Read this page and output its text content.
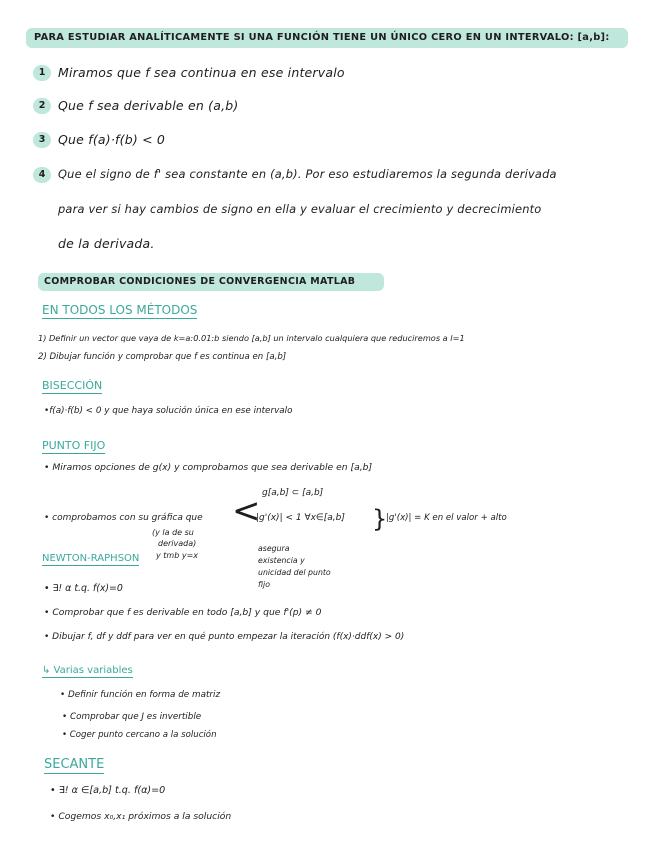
PARA ESTUDIAR ANALÍTICAMENTE SI UNA FUNCIÓN TIENE UN ÚNICO CERO EN UN INTERVALO: [a,b]:
1	Miramos que f sea continua en ese intervalo
2	Que f sea derivable en (a,b)
3	Que f(a)·f(b) < 0
4	Que el signo de f' sea constante en (a,b). Por eso estudiaremos la segunda derivada
para ver si hay cambios de signo en ella y evaluar el crecimiento y decrecimiento
de la derivada.
COMPROBAR CONDICIONES DE CONVERGENCIA MATLAB
EN TODOS LOS MÉTODOS
1) Definir un vector que vaya de k=a:0.01:b siendo [a,b] un intervalo cualquiera que reduciremos a l=1
2) Dibujar función y comprobar que f es continua en [a,b]
BISECCIÓN
•f(a)·f(b) < 0 y que haya solución única en ese intervalo
PUNTO FIJO
• Miramos opciones de g(x) y comprobamos que sea derivable en [a,b]
g[a,b] ⊂ [a,b]
• comprobamos con su gráfica que <
|g'(x)| < 1 ∀x∈[a,b] }
|g'(x)| = K en el valor + alto
(y la de su
derivada)
y tmb y=x
asegura
existencia y
unicidad del punto
fijo
NEWTON-RAPHSON
• ∃! α t.q. f(x)=0
• Comprobar que f es derivable en todo [a,b] y que f'(p) ≠ 0
• Dibujar f, df y ddf para ver en qué punto empezar la iteración (f(x)·ddf(x) > 0)
↳ Varias variables
• Definir función en forma de matriz
• Comprobar que J es invertible
• Coger punto cercano a la solución
SECANTE
• ∃! α ∈[a,b] t.q. f(α)=0
• Cogemos x₀,x₁ próximos a la solución
